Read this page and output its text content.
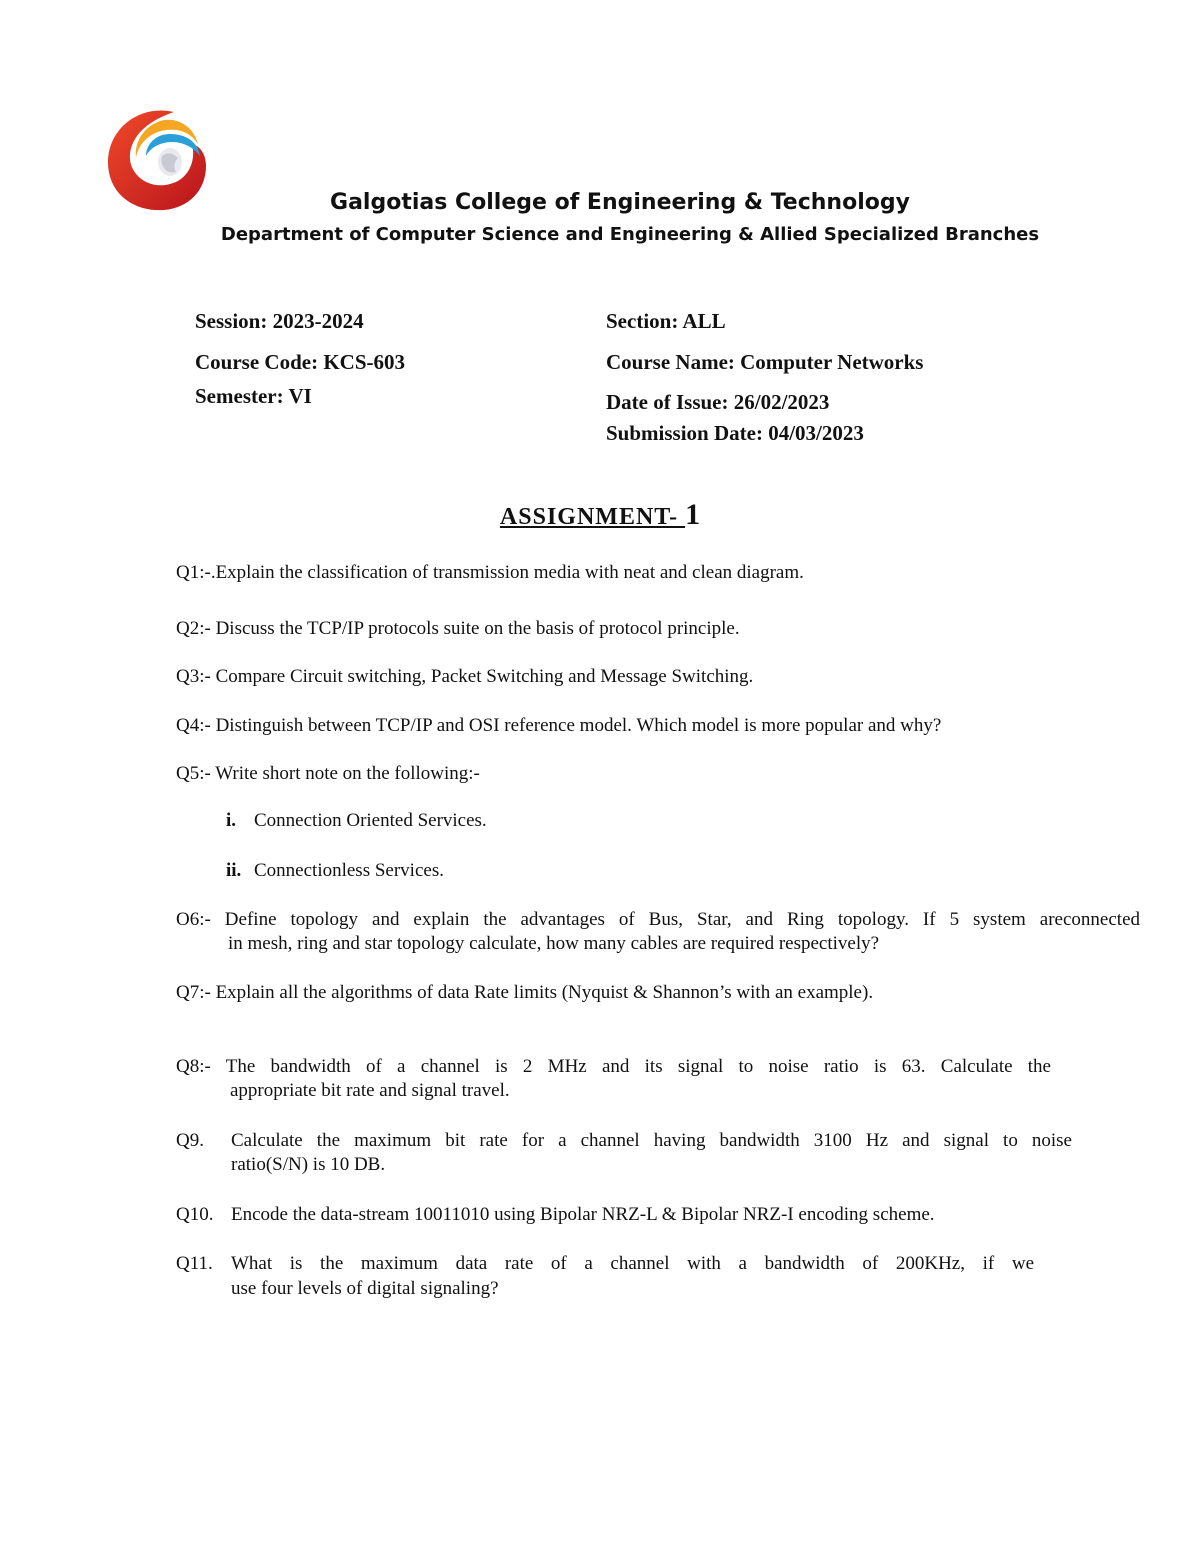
Galgotias College of Engineering & Technology
Department of Computer Science and Engineering & Allied Specialized Branches
Session: 2023-2024	Section: ALL
Course Code: KCS-603	Course Name: Computer Networks
Semester: VI	Date of Issue: 26/02/2023
Submission Date: 04/03/2023
ASSIGNMENT- 1
Q1:-.Explain the classification of transmission media with neat and clean diagram.
Q2:- Discuss the TCP/IP protocols suite on the basis of protocol principle.
Q3:- Compare Circuit switching, Packet Switching and Message Switching.
Q4:- Distinguish between TCP/IP and OSI reference model. Which model is more popular and why?
Q5:- Write short note on the following:-
i. Connection Oriented Services.
ii. Connectionless Services.
O6:- Define topology and explain the advantages of Bus, Star, and Ring topology. If 5 system areconnected
in mesh, ring and star topology calculate, how many cables are required respectively?
Q7:- Explain all the algorithms of data Rate limits (Nyquist & Shannon’s with an example).
Q8:- The bandwidth of a channel is 2 MHz and its signal to noise ratio is 63. Calculate the
appropriate bit rate and signal travel.
Q9. Calculate the maximum bit rate for a channel having bandwidth 3100 Hz and signal to noise
ratio(S/N) is 10 DB.
Q10. Encode the data-stream 10011010 using Bipolar NRZ-L & Bipolar NRZ-I encoding scheme.
Q11. What is the maximum data rate of a channel with a bandwidth of 200KHz, if we
use four levels of digital signaling?
